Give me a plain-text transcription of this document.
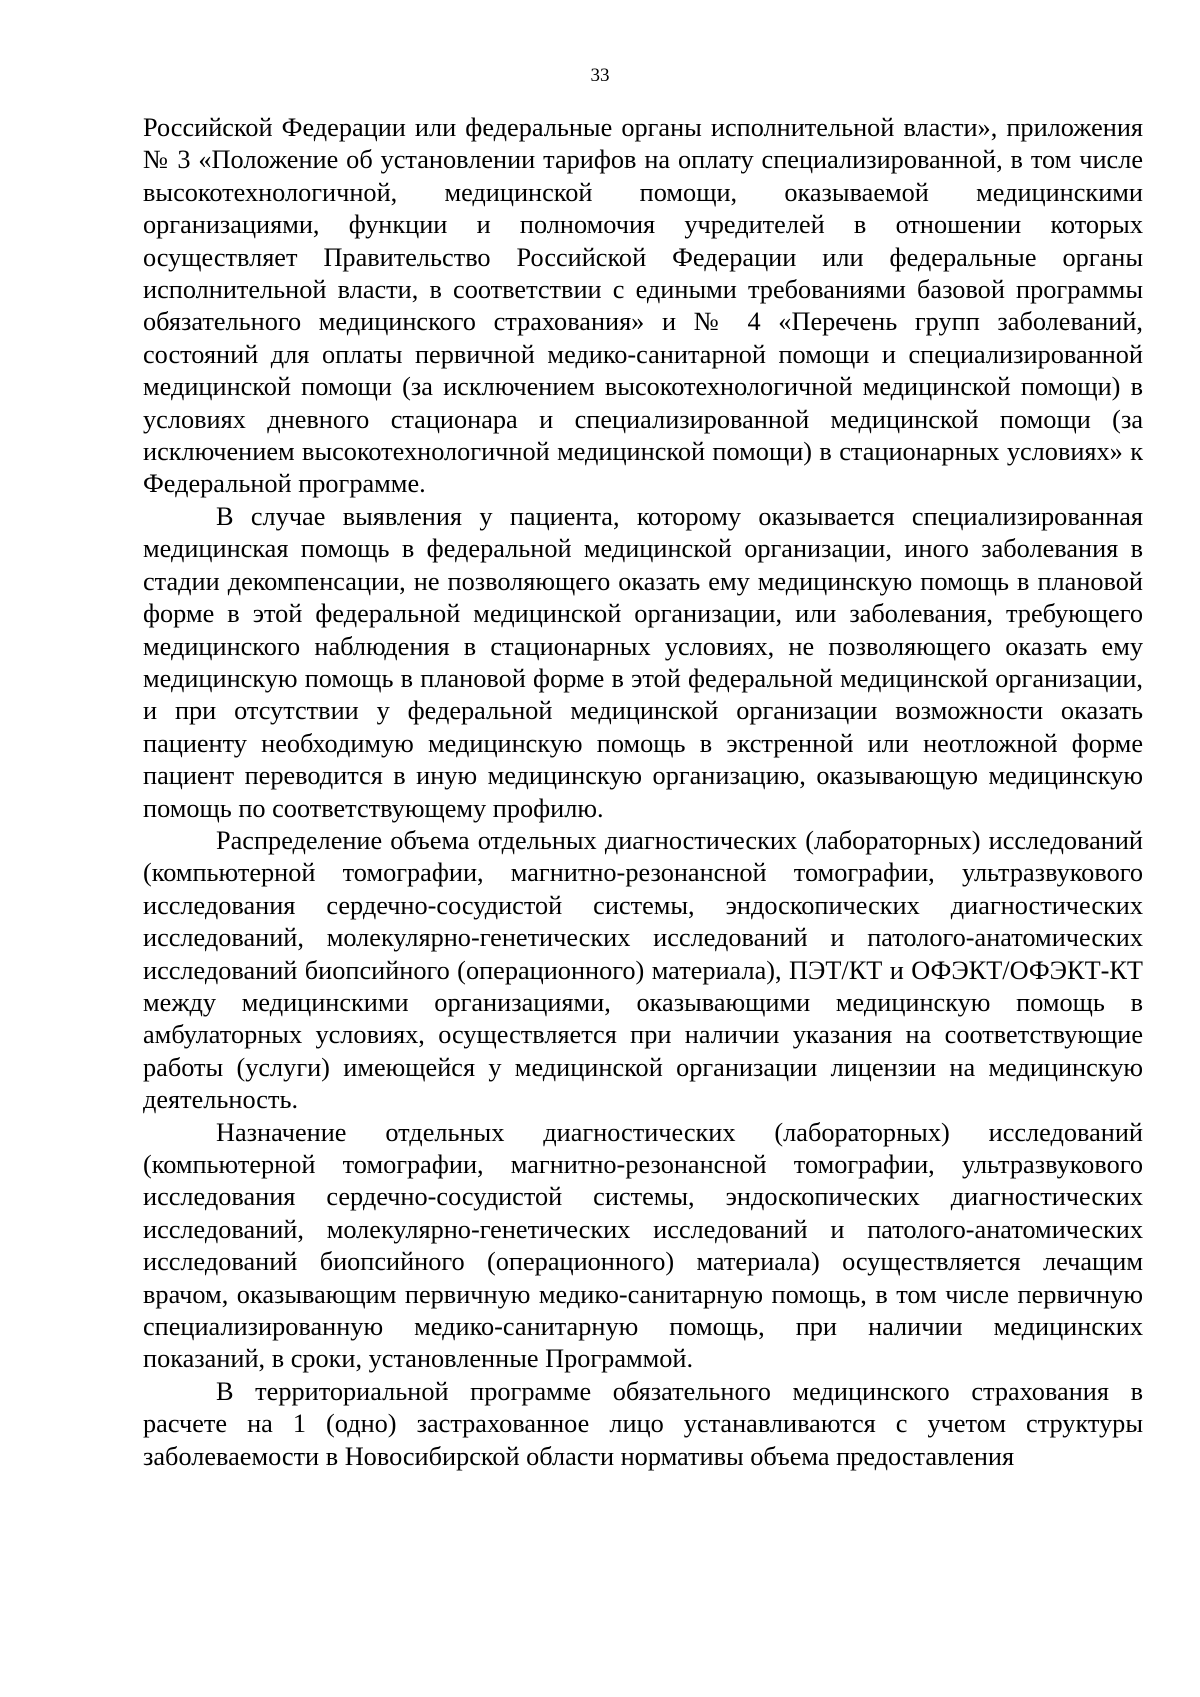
33

Российской Федерации или федеральные органы исполнительной власти», приложения № 3 «Положение об установлении тарифов на оплату специализированной, в том числе высокотехнологичной, медицинской помощи, оказываемой медицинскими организациями, функции и полномочия учредителей в отношении которых осуществляет Правительство Российской Федерации или федеральные органы исполнительной власти, в соответствии с едиными требованиями базовой программы обязательного медицинского страхования» и № 4 «Перечень групп заболеваний, состояний для оплаты первичной медико-санитарной помощи и специализированной медицинской помощи (за исключением высокотехнологичной медицинской помощи) в условиях дневного стационара и специализированной медицинской помощи (за исключением высокотехнологичной медицинской помощи) в стационарных условиях» к Федеральной программе.

В случае выявления у пациента, которому оказывается специализированная медицинская помощь в федеральной медицинской организации, иного заболевания в стадии декомпенсации, не позволяющего оказать ему медицинскую помощь в плановой форме в этой федеральной медицинской организации, или заболевания, требующего медицинского наблюдения в стационарных условиях, не позволяющего оказать ему медицинскую помощь в плановой форме в этой федеральной медицинской организации, и при отсутствии у федеральной медицинской организации возможности оказать пациенту необходимую медицинскую помощь в экстренной или неотложной форме пациент переводится в иную медицинскую организацию, оказывающую медицинскую помощь по соответствующему профилю.

Распределение объема отдельных диагностических (лабораторных) исследований (компьютерной томографии, магнитно-резонансной томографии, ультразвукового исследования сердечно-сосудистой системы, эндоскопических диагностических исследований, молекулярно-генетических исследований и патолого-анатомических исследований биопсийного (операционного) материала), ПЭТ/КТ и ОФЭКТ/ОФЭКТ-КТ между медицинскими организациями, оказывающими медицинскую помощь в амбулаторных условиях, осуществляется при наличии указания на соответствующие работы (услуги) имеющейся у медицинской организации лицензии на медицинскую деятельность.

Назначение отдельных диагностических (лабораторных) исследований (компьютерной томографии, магнитно-резонансной томографии, ультразвукового исследования сердечно-сосудистой системы, эндоскопических диагностических исследований, молекулярно-генетических исследований и патолого-анатомических исследований биопсийного (операционного) материала) осуществляется лечащим врачом, оказывающим первичную медико-санитарную помощь, в том числе первичную специализированную медико-санитарную помощь, при наличии медицинских показаний, в сроки, установленные Программой.

В территориальной программе обязательного медицинского страхования в расчете на 1 (одно) застрахованное лицо устанавливаются с учетом структуры заболеваемости в Новосибирской области нормативы объема предоставления
